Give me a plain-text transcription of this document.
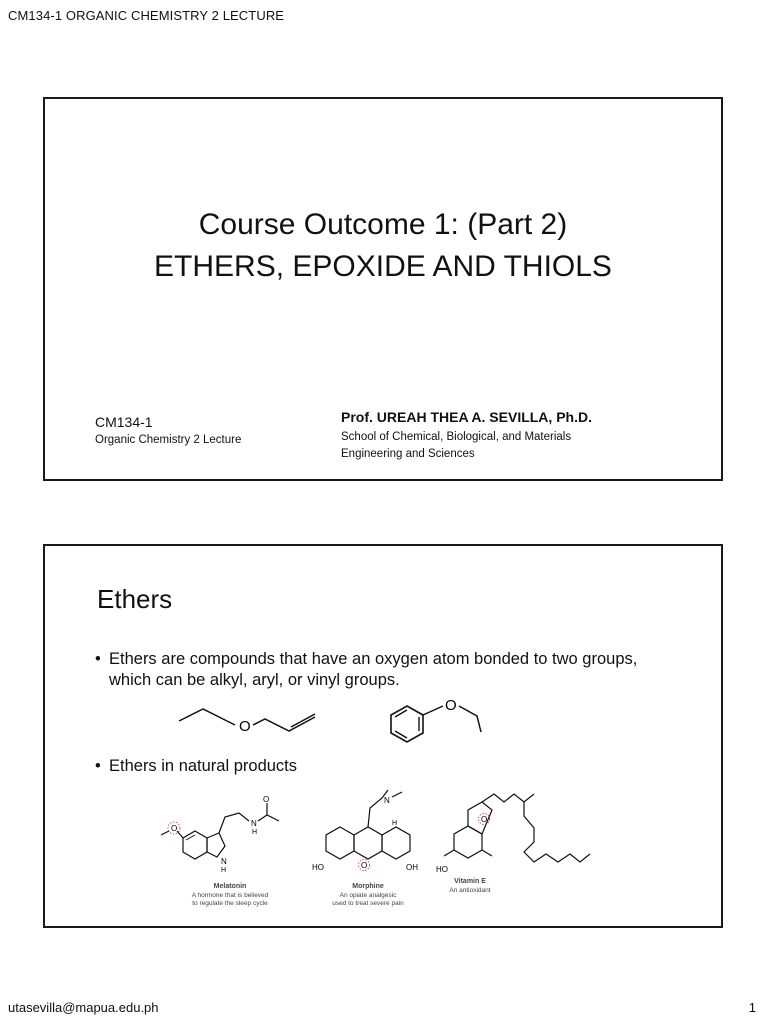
CM134-1 ORGANIC CHEMISTRY 2 LECTURE
Course Outcome 1: (Part 2)
ETHERS, EPOXIDE AND THIOLS
CM134-1
Organic Chemistry 2 Lecture
Prof. UREAH THEA A. SEVILLA, Ph.D.
School of Chemical, Biological, and Materials
Engineering and Sciences
Ethers
• Ethers are compounds that have an oxygen atom bonded to two groups, which can be alkyl, aryl, or vinyl groups.
O
O
• Ethers in natural products
N
H
O
O
N
H
Melatonin
A hormone that is believed
to regulate the sleep cycle
N
H
O
HO	OH
Morphine
An opiate analgesic
used to treat severe pain
HO
O
Vitamin E
An antioxidant
utasevilla@mapua.edu.ph	1
